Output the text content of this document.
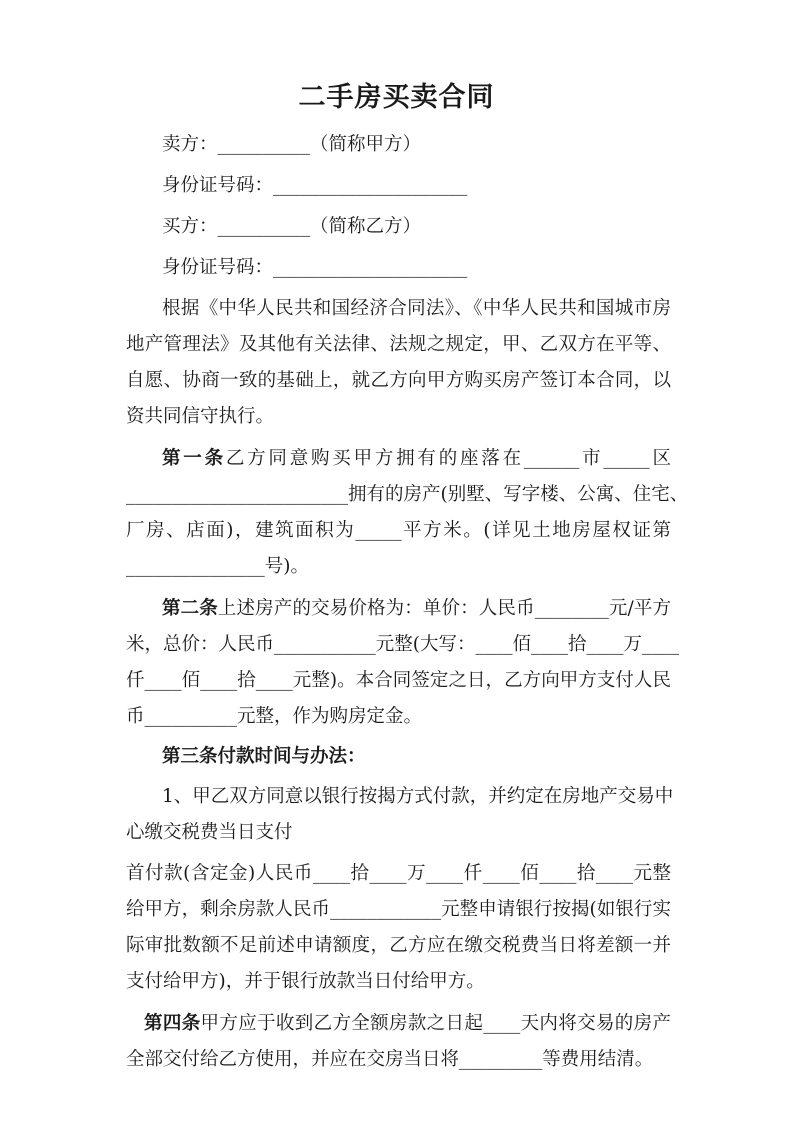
二手房买卖合同
卖方：__________（简称甲方）
身份证号码：_____________________
买方：__________（简称乙方）
身份证号码：_____________________
根据《中华人民共和国经济合同法》、《中华人民共和国城市房
地产管理法》及其他有关法律、法规之规定，甲、乙双方在平等、
自愿、协商一致的基础上，就乙方向甲方购买房产签订本合同，以
资共同信守执行。
第一条乙方同意购买甲方拥有的座落在______市_____区
________________________拥有的房产(别墅、写字楼、公寓、住宅、
厂房、店面)，建筑面积为_____平方米。(详见土地房屋权证第
_______________号)。
第二条上述房产的交易价格为：单价：人民币________元/平方
米，总价：人民币___________元整(大写：____佰____拾____万____
仟____佰____拾____元整)。本合同签定之日，乙方向甲方支付人民
币__________元整，作为购房定金。
第三条付款时间与办法：
1、甲乙双方同意以银行按揭方式付款，并约定在房地产交易中
心缴交税费当日支付
首付款(含定金)人民币____拾____万____仟____佰____拾____元整
给甲方，剩余房款人民币____________元整申请银行按揭(如银行实
际审批数额不足前述申请额度，乙方应在缴交税费当日将差额一并
支付给甲方)，并于银行放款当日付给甲方。
第四条甲方应于收到乙方全额房款之日起____天内将交易的房产
全部交付给乙方使用，并应在交房当日将_________等费用结清。
